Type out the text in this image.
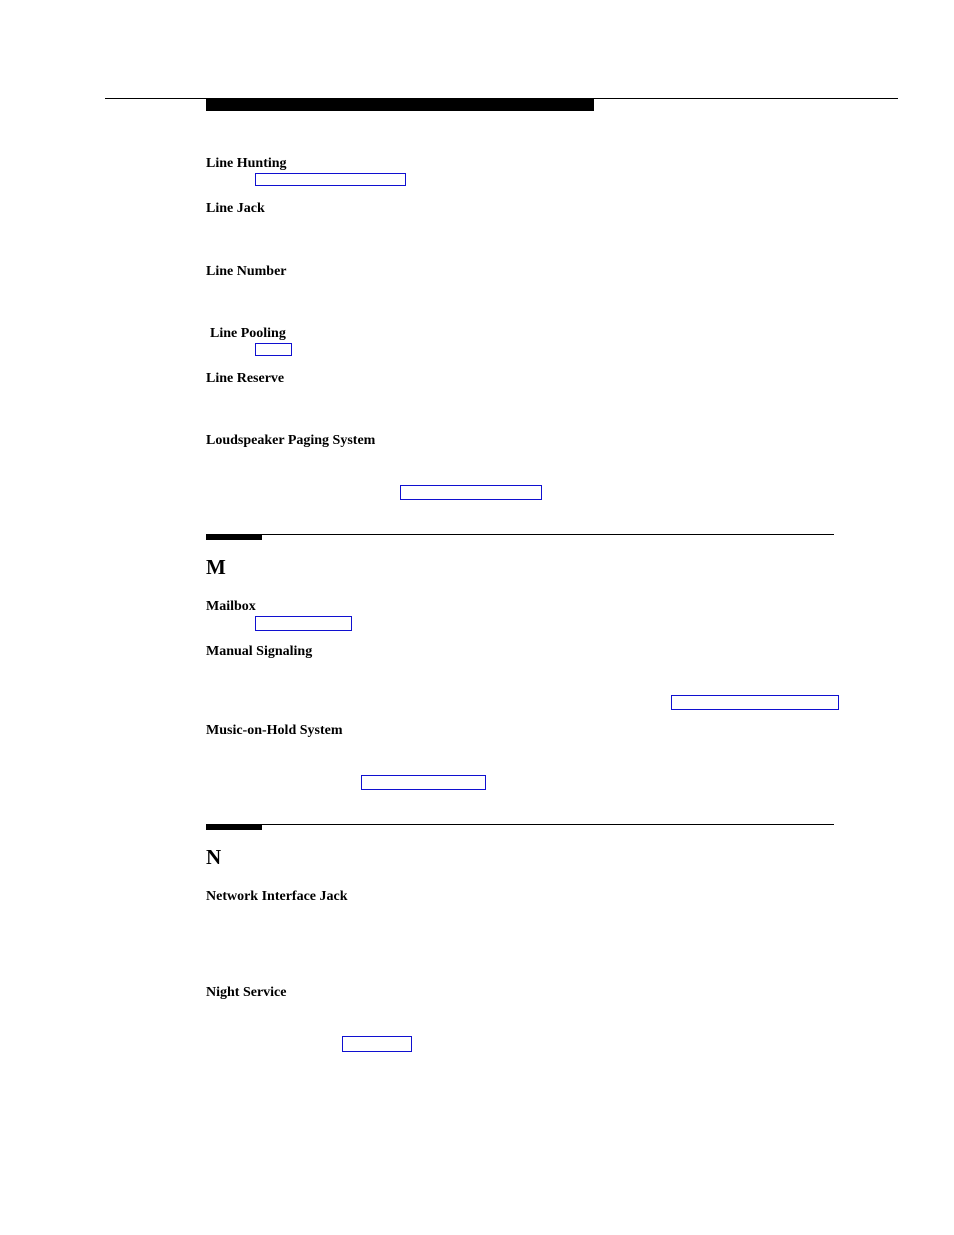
Line Hunting
Line Jack
Line Number
Line Pooling
Line Reserve
Loudspeaker Paging System
M
Mailbox
Manual Signaling
Music-on-Hold System
N
Network Interface Jack
Night Service
